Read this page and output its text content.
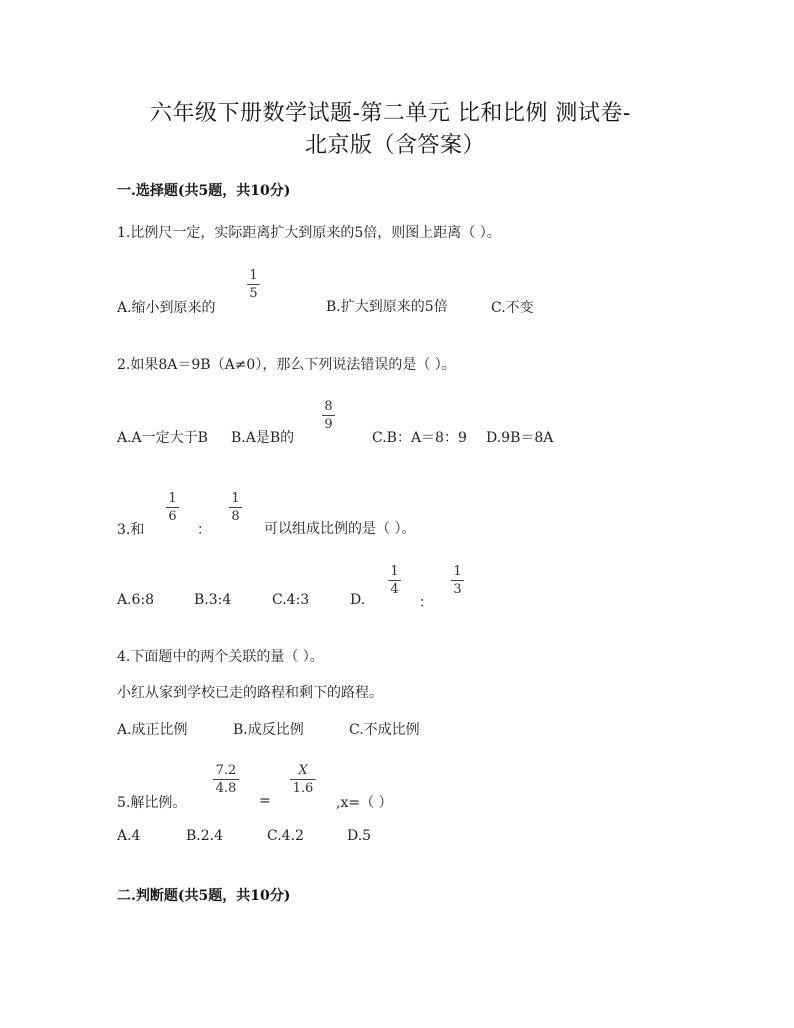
六年级下册数学试题-第二单元 比和比例 测试卷-
北京版（含答案）
一.选择题(共5题，共10分)
1.比例尺一定，实际距离扩大到原来的5倍，则图上距离（ ）。
A.缩小到原来的
1
5
B.扩大到原来的5倍	C.不变
2.如果8A＝9B（A≠0），那么下列说法错误的是（ ）。
A.A一定大于B B.A是B的
8
9
C.B：A＝8：9 D.9B＝8A
3.和
1
6
：
1
8
可以组成比例的是（ ）。
A.6:8	B.3:4	C.4:3	D.
1
4
：
1
3
4.下面题中的两个关联的量（ ）。
小红从家到学校已走的路程和剩下的路程。
A.成正比例	B.成反比例	C.不成比例
5.解比例。
7.2
4.8
=
X
1.6
,x=（ ）
A.4	B.2.4	C.4.2	D.5
二.判断题(共5题，共10分)
